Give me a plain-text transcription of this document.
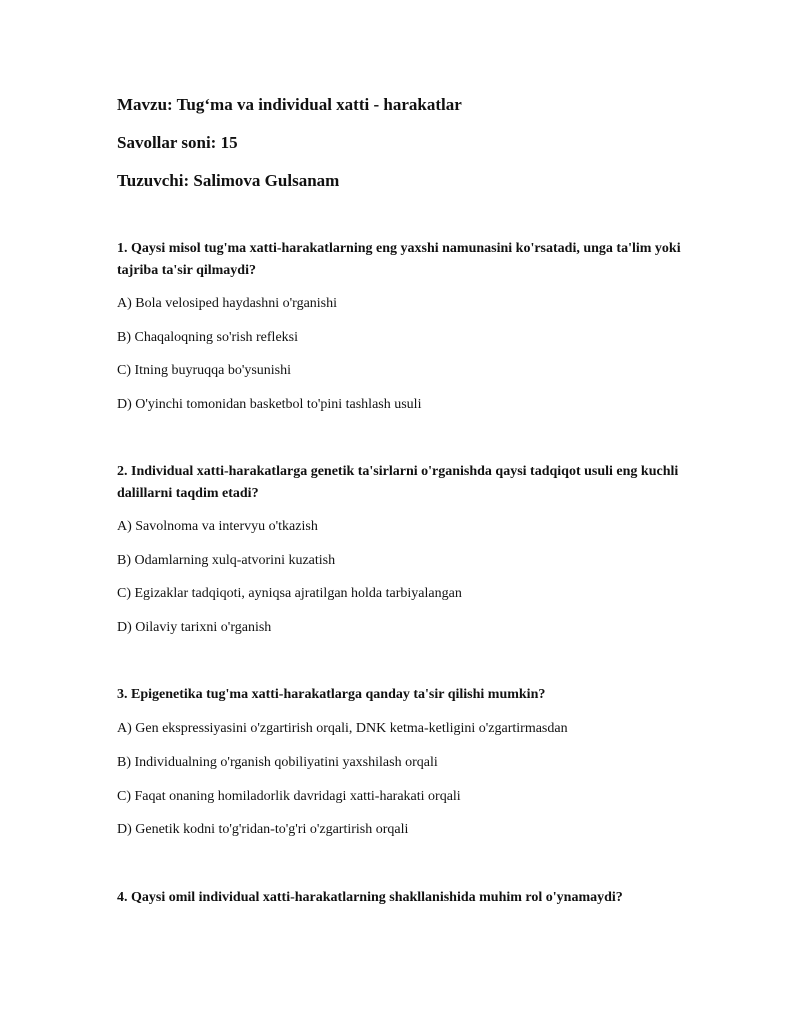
Mavzu: Tug‘ma va individual xatti - harakatlar
Savollar soni: 15
Tuzuvchi: Salimova Gulsanam

1. Qaysi misol tug'ma xatti-harakatlarning eng yaxshi namunasini ko'rsatadi, unga ta'lim yoki tajriba ta'sir qilmaydi?

A) Bola velosiped haydashni o'rganishi
B) Chaqaloqning so'rish refleksi
C) Itning buyruqqa bo'ysunishi
D) O'yinchi tomonidan basketbol to'pini tashlash usuli

2. Individual xatti-harakatlarga genetik ta'sirlarni o'rganishda qaysi tadqiqot usuli eng kuchli dalillarni taqdim etadi?

A) Savolnoma va intervyu o'tkazish
B) Odamlarning xulq-atvorini kuzatish
C) Egizaklar tadqiqoti, ayniqsa ajratilgan holda tarbiyalangan
D) Oilaviy tarixni o'rganish

3. Epigenetika tug'ma xatti-harakatlarga qanday ta'sir qilishi mumkin?

A) Gen ekspressiyasini o'zgartirish orqali, DNK ketma-ketligini o'zgartirmasdan
B) Individualning o'rganish qobiliyatini yaxshilash orqali
C) Faqat onaning homiladorlik davridagi xatti-harakati orqali
D) Genetik kodni to'g'ridan-to'g'ri o'zgartirish orqali

4. Qaysi omil individual xatti-harakatlarning shakllanishida muhim rol o'ynamaydi?
